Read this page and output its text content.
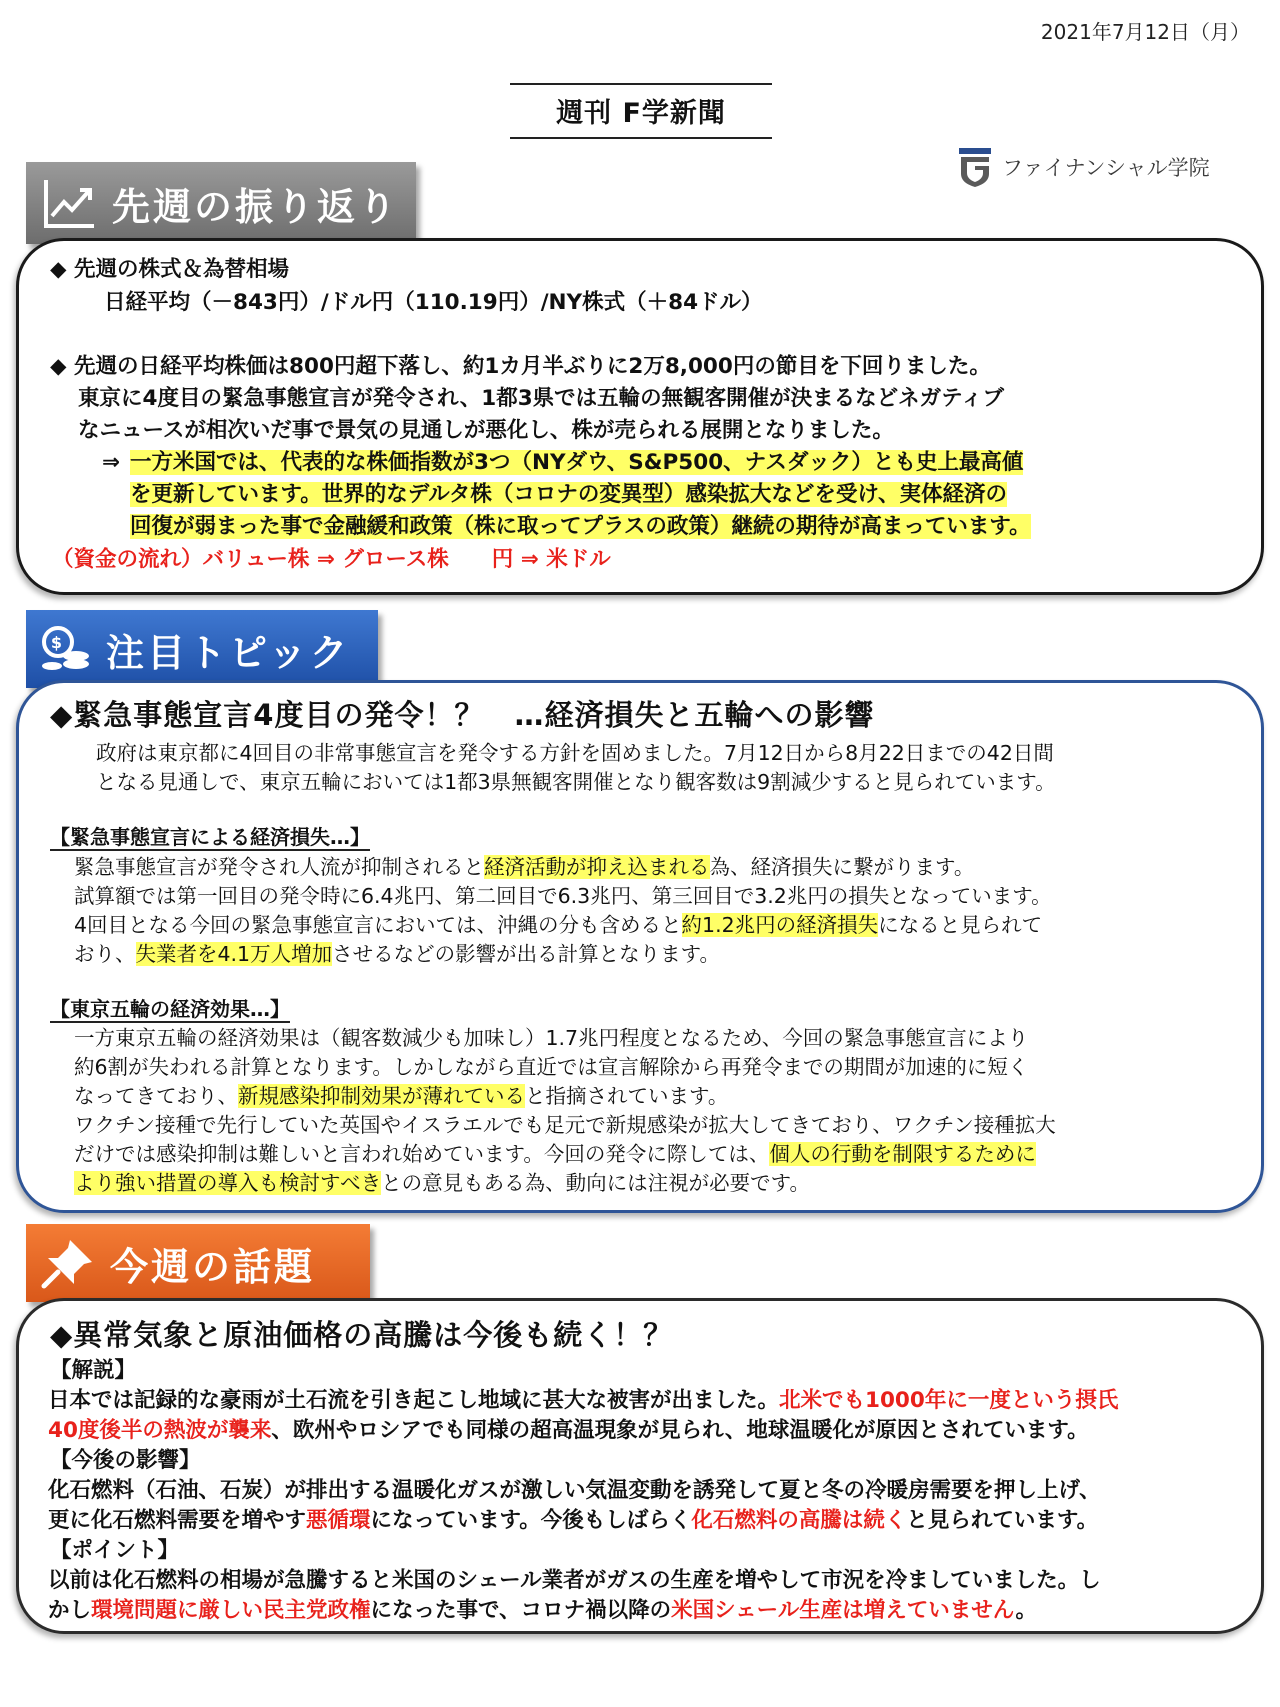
2021年7月12日（月）
週刊 F学新聞
ファイナンシャル学院
先週の振り返り
◆ 先週の株式＆為替相場
日経平均（－843円）/ドル円（110.19円）/NY株式（＋84ドル）
◆ 先週の日経平均株価は800円超下落し、約1カ月半ぶりに2万8,000円の節目を下回りました。
東京に4度目の緊急事態宣言が発令され、1都3県では五輪の無観客開催が決まるなどネガティブ
なニュースが相次いだ事で景気の見通しが悪化し、株が売られる展開となりました。
⇒ 一方米国では、代表的な株価指数が3つ（NYダウ、S&P500、ナスダック）とも史上最高値
を更新しています。世界的なデルタ株（コロナの変異型）感染拡大などを受け、実体経済の
回復が弱まった事で金融緩和政策（株に取ってプラスの政策）継続の期待が高まっています。
（資金の流れ）バリュー株 ⇒ グロース株　　円 ⇒ 米ドル
$ 注目トピック
◆緊急事態宣言4度目の発令！？　…経済損失と五輪への影響
政府は東京都に4回目の非常事態宣言を発令する方針を固めました。7月12日から8月22日までの42日間
となる見通しで、東京五輪においては1都3県無観客開催となり観客数は9割減少すると見られています。
【緊急事態宣言による経済損失…】
緊急事態宣言が発令され人流が抑制されると経済活動が抑え込まれる為、経済損失に繋がります。
試算額では第一回目の発令時に6.4兆円、第二回目で6.3兆円、第三回目で3.2兆円の損失となっています。
4回目となる今回の緊急事態宣言においては、沖縄の分も含めると約1.2兆円の経済損失になると見られて
おり、失業者を4.1万人増加させるなどの影響が出る計算となります。
【東京五輪の経済効果…】
一方東京五輪の経済効果は（観客数減少も加味し）1.7兆円程度となるため、今回の緊急事態宣言により
約6割が失われる計算となります。しかしながら直近では宣言解除から再発令までの期間が加速的に短く
なってきており、新規感染抑制効果が薄れていると指摘されています。
ワクチン接種で先行していた英国やイスラエルでも足元で新規感染が拡大してきており、ワクチン接種拡大
だけでは感染抑制は難しいと言われ始めています。今回の発令に際しては、個人の行動を制限するために
より強い措置の導入も検討すべきとの意見もある為、動向には注視が必要です。
今週の話題
◆異常気象と原油価格の高騰は今後も続く！？
【解説】
日本では記録的な豪雨が土石流を引き起こし地域に甚大な被害が出ました。北米でも1000年に一度という摂氏
40度後半の熱波が襲来、欧州やロシアでも同様の超高温現象が見られ、地球温暖化が原因とされています。
【今後の影響】
化石燃料（石油、石炭）が排出する温暖化ガスが激しい気温変動を誘発して夏と冬の冷暖房需要を押し上げ、
更に化石燃料需要を増やす悪循環になっています。今後もしばらく化石燃料の高騰は続くと見られています。
【ポイント】
以前は化石燃料の相場が急騰すると米国のシェール業者がガスの生産を増やして市況を冷ましていました。し
かし環境問題に厳しい民主党政権になった事で、コロナ禍以降の米国シェール生産は増えていません。
